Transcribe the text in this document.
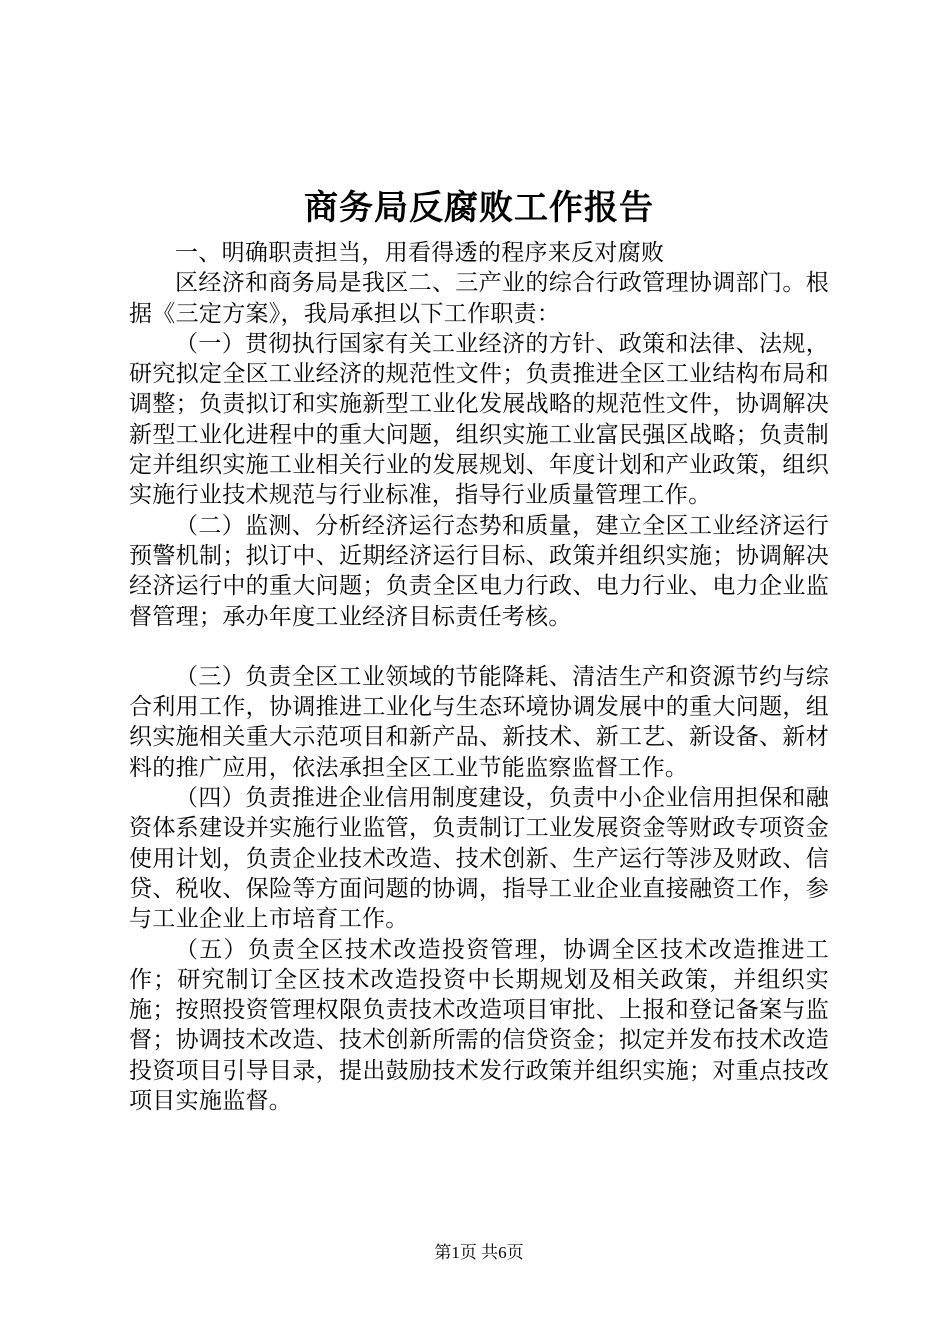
商务局反腐败工作报告

一、明确职责担当，用看得透的程序来反对腐败

区经济和商务局是我区二、三产业的综合行政管理协调部门。根据《三定方案》，我局承担以下工作职责：

（一）贯彻执行国家有关工业经济的方针、政策和法律、法规，研究拟定全区工业经济的规范性文件；负责推进全区工业结构布局和调整；负责拟订和实施新型工业化发展战略的规范性文件，协调解决新型工业化进程中的重大问题，组织实施工业富民强区战略；负责制定并组织实施工业相关行业的发展规划、年度计划和产业政策，组织实施行业技术规范与行业标准，指导行业质量管理工作。

（二）监测、分析经济运行态势和质量，建立全区工业经济运行预警机制；拟订中、近期经济运行目标、政策并组织实施；协调解决经济运行中的重大问题；负责全区电力行政、电力行业、电力企业监督管理；承办年度工业经济目标责任考核。

（三）负责全区工业领域的节能降耗、清洁生产和资源节约与综合利用工作，协调推进工业化与生态环境协调发展中的重大问题，组织实施相关重大示范项目和新产品、新技术、新工艺、新设备、新材料的推广应用，依法承担全区工业节能监察监督工作。

（四）负责推进企业信用制度建设，负责中小企业信用担保和融资体系建设并实施行业监管，负责制订工业发展资金等财政专项资金使用计划，负责企业技术改造、技术创新、生产运行等涉及财政、信贷、税收、保险等方面问题的协调，指导工业企业直接融资工作，参与工业企业上市培育工作。

（五）负责全区技术改造投资管理，协调全区技术改造推进工作；研究制订全区技术改造投资中长期规划及相关政策，并组织实施；按照投资管理权限负责技术改造项目审批、上报和登记备案与监督；协调技术改造、技术创新所需的信贷资金；拟定并发布技术改造投资项目引导目录，提出鼓励技术发行政策并组织实施；对重点技改项目实施监督。

第1页 共6页
